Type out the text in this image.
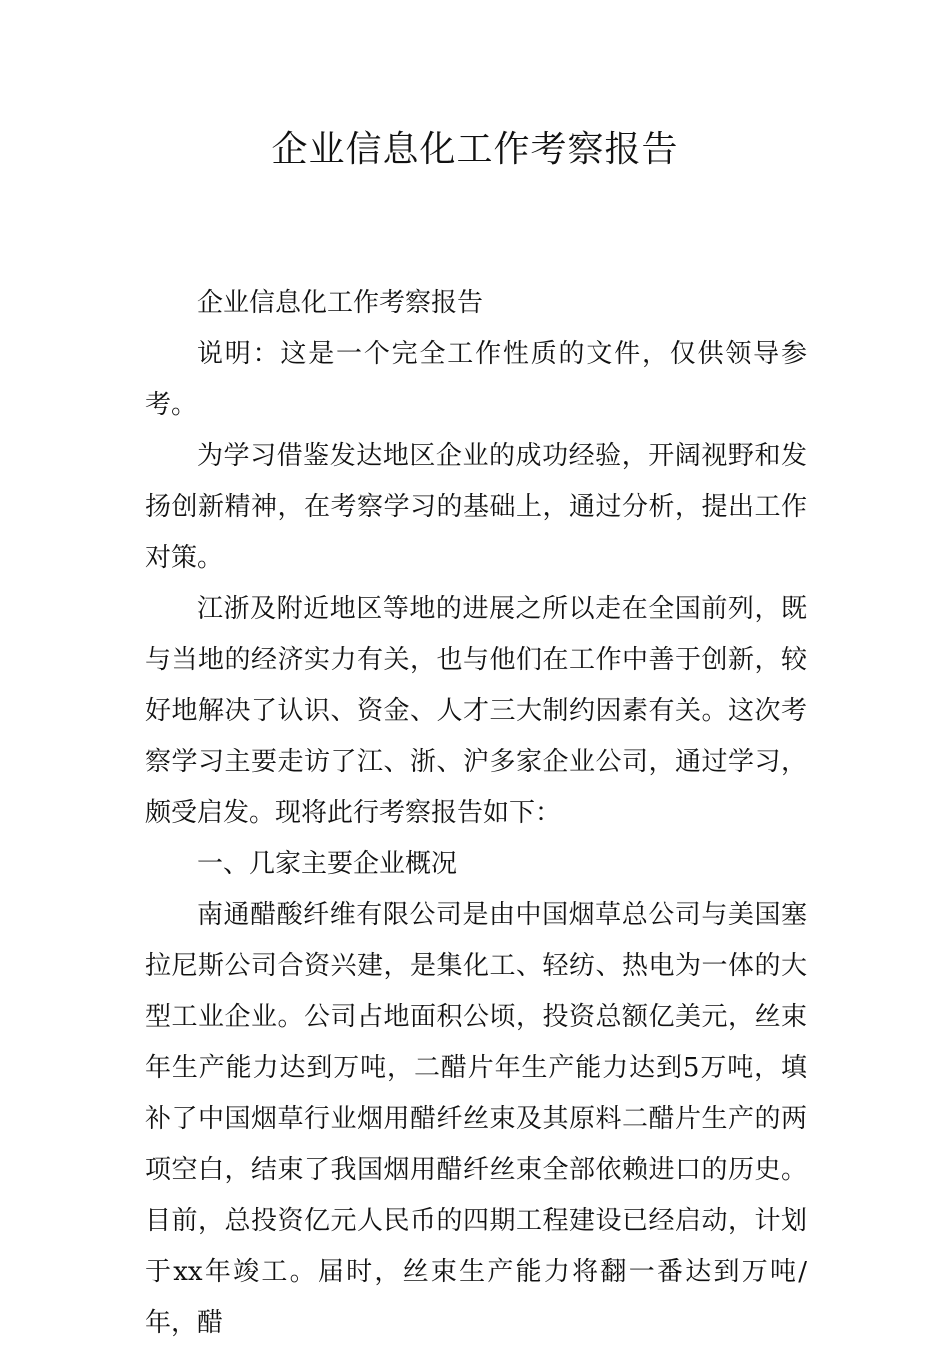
企业信息化工作考察报告

企业信息化工作考察报告

说明：这是一个完全工作性质的文件，仅供领导参考。

为学习借鉴发达地区企业的成功经验，开阔视野和发扬创新精神，在考察学习的基础上，通过分析，提出工作对策。

江浙及附近地区等地的进展之所以走在全国前列，既与当地的经济实力有关，也与他们在工作中善于创新，较好地解决了认识、资金、人才三大制约因素有关。这次考察学习主要走访了江、浙、沪多家企业公司，通过学习，颇受启发。现将此行考察报告如下：

一、几家主要企业概况

南通醋酸纤维有限公司是由中国烟草总公司与美国塞拉尼斯公司合资兴建，是集化工、轻纺、热电为一体的大型工业企业。公司占地面积公顷，投资总额亿美元，丝束年生产能力达到万吨，二醋片年生产能力达到5万吨，填补了中国烟草行业烟用醋纤丝束及其原料二醋片生产的两项空白，结束了我国烟用醋纤丝束全部依赖进口的历史。目前，总投资亿元人民币的四期工程建设已经启动，计划于xx年竣工。届时，丝束生产能力将翻一番达到万吨/年，醋
